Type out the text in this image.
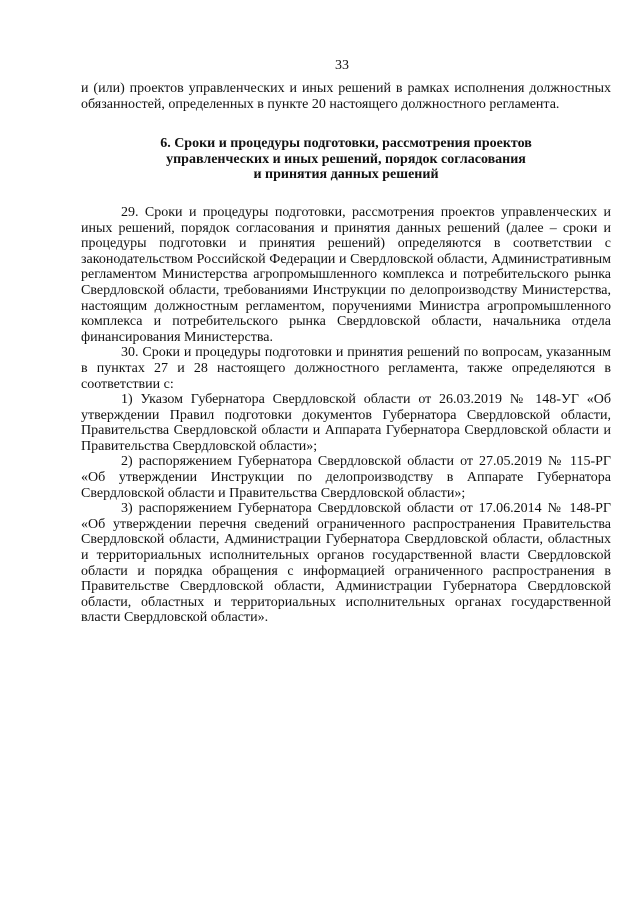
33

и (или) проектов управленческих и иных решений в рамках исполнения должностных обязанностей, определенных в пункте 20 настоящего должностного регламента.

6. Сроки и процедуры подготовки, рассмотрения проектов
управленческих и иных решений, порядок согласования
и принятия данных решений

29. Сроки и процедуры подготовки, рассмотрения проектов управленческих и иных решений, порядок согласования и принятия данных решений (далее – сроки и процедуры подготовки и принятия решений) определяются в соответствии с законодательством Российской Федерации и Свердловской области, Административным регламентом Министерства агропромышленного комплекса и потребительского рынка Свердловской области, требованиями Инструкции по делопроизводству Министерства, настоящим должностным регламентом, поручениями Министра агропромышленного комплекса и потребительского рынка Свердловской области, начальника отдела финансирования Министерства.

30. Сроки и процедуры подготовки и принятия решений по вопросам, указанным в пунктах 27 и 28 настоящего должностного регламента, также определяются в соответствии с:

1) Указом Губернатора Свердловской области от 26.03.2019 № 148-УГ «Об утверждении Правил подготовки документов Губернатора Свердловской области, Правительства Свердловской области и Аппарата Губернатора Свердловской области и Правительства Свердловской области»;

2) распоряжением Губернатора Свердловской области от 27.05.2019 № 115-РГ «Об утверждении Инструкции по делопроизводству в Аппарате Губернатора Свердловской области и Правительства Свердловской области»;

3) распоряжением Губернатора Свердловской области от 17.06.2014 № 148-РГ «Об утверждении перечня сведений ограниченного распространения Правительства Свердловской области, Администрации Губернатора Свердловской области, областных и территориальных исполнительных органов государственной власти Свердловской области и порядка обращения с информацией ограниченного распространения в Правительстве Свердловской области, Администрации Губернатора Свердловской области, областных и территориальных исполнительных органах государственной власти Свердловской области».
